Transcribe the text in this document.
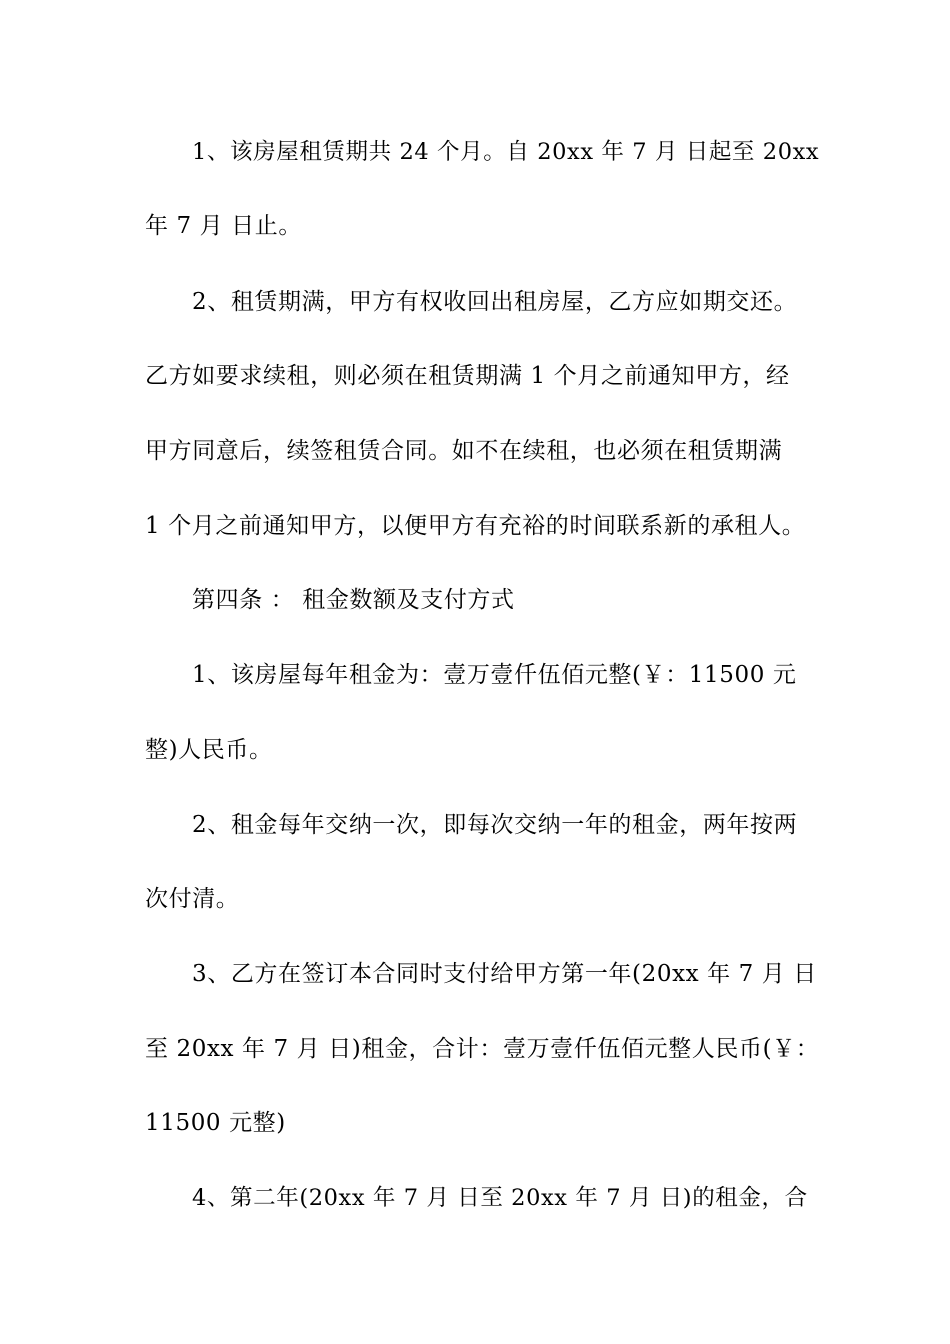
1、该房屋租赁期共 24 个月。自 20xx 年 7 月 日起至 20xx
年 7 月 日止。
2、租赁期满，甲方有权收回出租房屋，乙方应如期交还。
乙方如要求续租，则必须在租赁期满 1 个月之前通知甲方，经
甲方同意后，续签租赁合同。如不在续租，也必须在租赁期满
1 个月之前通知甲方，以便甲方有充裕的时间联系新的承租人。
第四条 ： 租金数额及支付方式
1、该房屋每年租金为：壹万壹仟伍佰元整(￥：11500 元
整)人民币。
2、租金每年交纳一次，即每次交纳一年的租金，两年按两
次付清。
3、乙方在签订本合同时支付给甲方第一年(20xx 年 7 月 日
至 20xx 年 7 月 日)租金，合计：壹万壹仟伍佰元整人民币(￥：
11500 元整)
4、第二年(20xx 年 7 月 日至 20xx 年 7 月 日)的租金，合
